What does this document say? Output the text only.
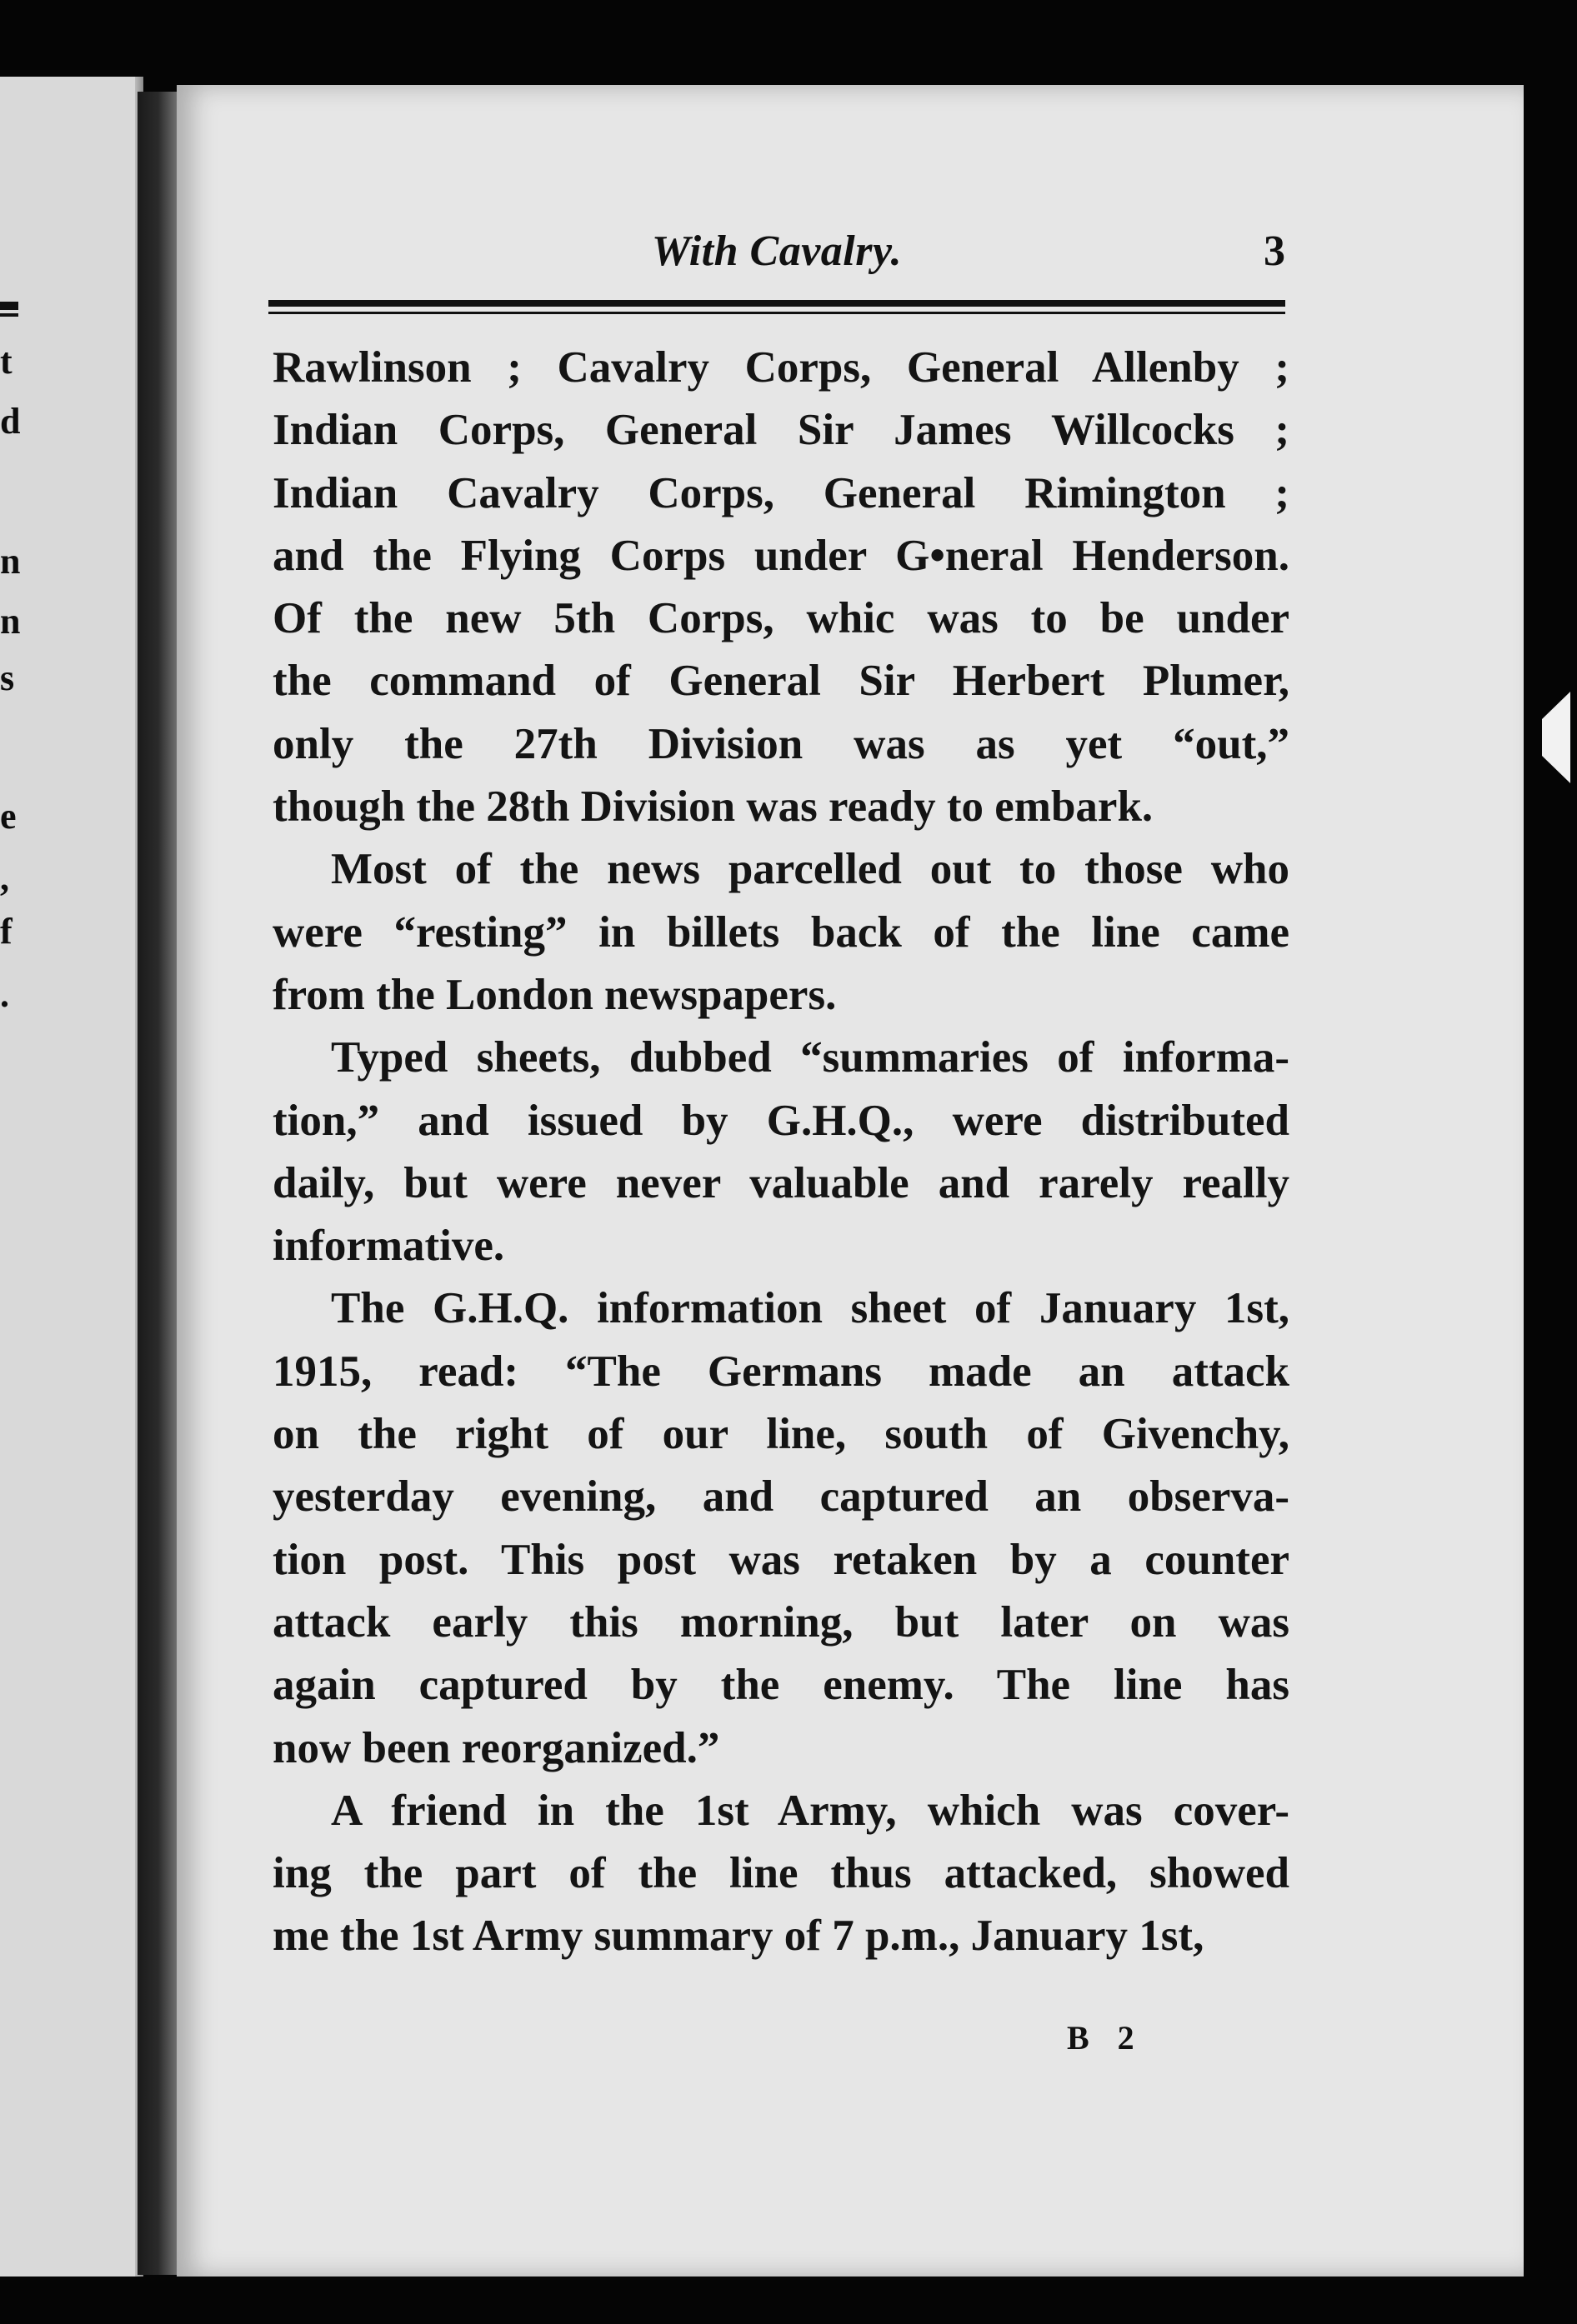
t
d
n
n
s
e
,
f
.
With Cavalry.	3

Rawlinson ; Cavalry Corps, General Allenby ;
Indian Corps, General Sir James Willcocks ;
Indian Cavalry Corps, General Rimington ;
and the Flying Corps under G•neral Henderson.
Of the new 5th Corps, whic was to be under
the command of General Sir Herbert Plumer,
only the 27th Division was as yet “out,”
though the 28th Division was ready to embark.

Most of the news parcelled out to those who
were “resting” in billets back of the line came
from the London newspapers.

Typed sheets, dubbed “summaries of informa-
tion,” and issued by G.H.Q., were distributed
daily, but were never valuable and rarely really
informative.

The G.H.Q. information sheet of January 1st,
1915, read: “The Germans made an attack
on the right of our line, south of Givenchy,
yesterday evening, and captured an observa-
tion post. This post was retaken by a counter
attack early this morning, but later on was
again captured by the enemy. The line has
now been reorganized.”

A friend in the 1st Army, which was cover-
ing the part of the line thus attacked, showed
me the 1st Army summary of 7 p.m., January 1st,

B 2
